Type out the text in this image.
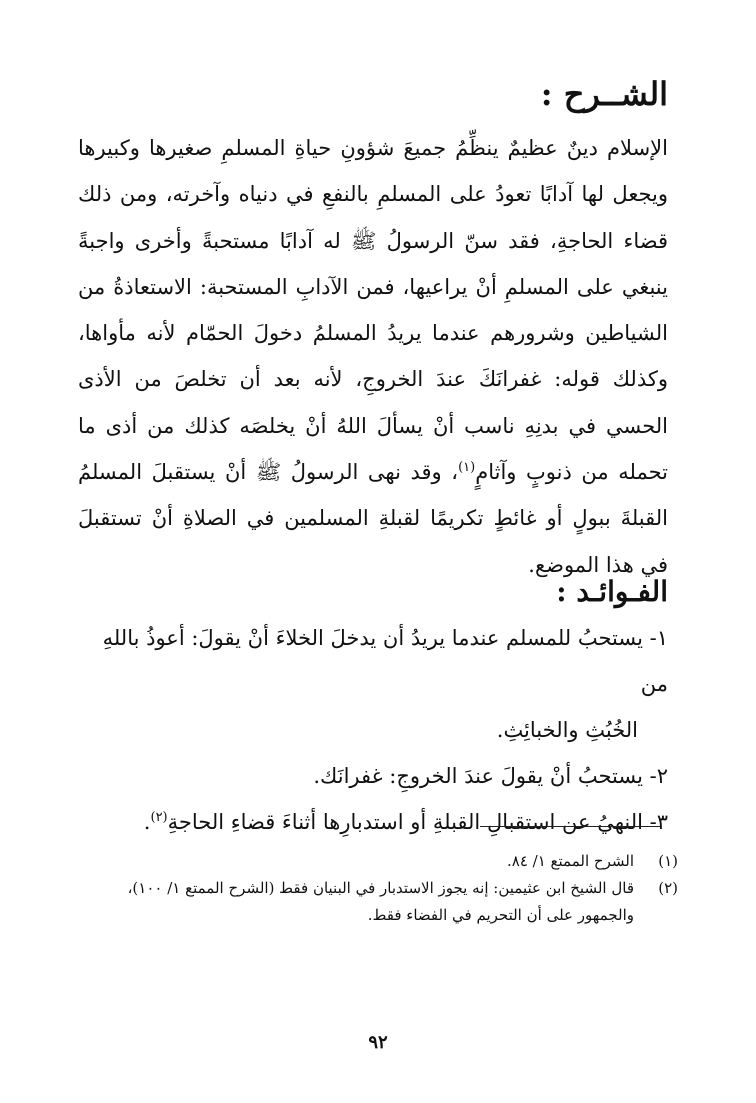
الشــرح :

الإسلام دينٌ عظيمٌ ينظِّمُ جميعَ شؤونِ حياةِ المسلمِ صغيرها وكبيرها ويجعل لها آدابًا تعودُ على المسلمِ بالنفعِ في دنياه وآخرته، ومن ذلك قضاء الحاجةِ، فقد سنّ الرسولُ ﷺ له آدابًا مستحبةً وأخرى واجبةً ينبغي على المسلمِ أنْ يراعيها، فمن الآدابِ المستحبة: الاستعاذةُ من الشياطين وشرورهم عندما يريدُ المسلمُ دخولَ الحمّام لأنه مأواها، وكذلك قوله: غفرانَكَ عندَ الخروجِ، لأنه بعد أن تخلصَ من الأذى الحسي في بدنِهِ ناسب أنْ يسألَ اللهُ أنْ يخلصَه كذلك من أذى ما تحمله من ذنوبٍ وآثامٍ$^{(١)}$، وقد نهى الرسولُ ﷺ أنْ يستقبلَ المسلمُ القبلةَ ببولٍ أو غائطٍ تكريمًا لقبلةِ المسلمين في الصلاةِ أنْ تستقبلَ في هذا الموضع.

الفـوائـد :

١- يستحبُ للمسلم عندما يريدُ أن يدخلَ الخلاءَ أنْ يقولَ: أعوذُ باللهِ من
الخُبُثِ والخبائِثِ.

٢- يستحبُ أنْ يقولَ عندَ الخروجِ: غفرانَك.

٣- النهيُ عن استقبالِ القبلةِ أو استدبارِها أثناءَ قضاءِ الحاجةِ$^{(٢)}$.

(١)
الشرح الممتع ١/ ٨٤.
(٢)
قال الشيخ ابن عثيمين: إنه يجوز الاستدبار في البنيان فقط (الشرح الممتع ١/ ١٠٠)، والجمهور على أن التحريم في الفضاء فقط.
٩٢
